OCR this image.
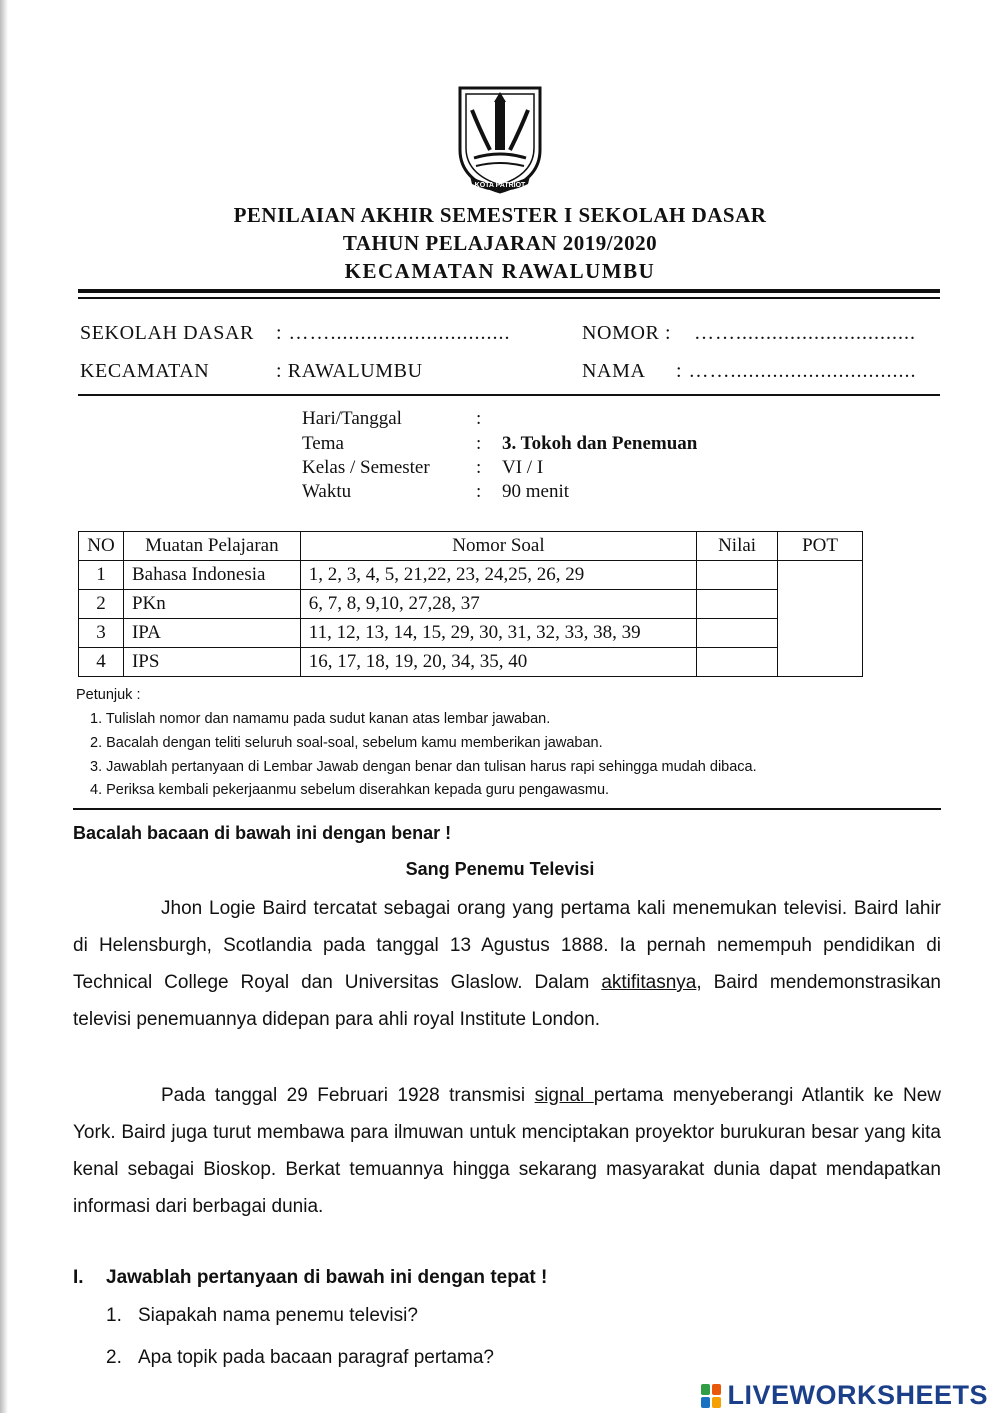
KOTA PATRIOT
PENILAIAN AKHIR SEMESTER I SEKOLAH DASAR
TAHUN PELAJARAN 2019/2020
KECAMATAN RAWALUMBU
SEKOLAH DASAR : ……..............................	NOMOR : ……..............................
KECAMATAN	: RAWALUMBU	NAMA : ……...............................
Hari/Tanggal	:
Tema	: 3. Tokoh dan Penemuan
Kelas / Semester : VI / I
Waktu	: 90 menit
NO	Muatan Pelajaran	Nomor Soal	Nilai	POT
1	Bahasa Indonesia	1, 2, 3, 4, 5, 21,22, 23, 24,25, 26, 29		
2	PKn	6, 7, 8, 9,10, 27,28, 37		
3	IPA	11, 12, 13, 14, 15, 29, 30, 31, 32, 33, 38, 39		
4	IPS	16, 17, 18, 19, 20, 34, 35, 40		
Petunjuk :
1. Tulislah nomor dan namamu pada sudut kanan atas lembar jawaban.
2. Bacalah dengan teliti seluruh soal-soal, sebelum kamu memberikan jawaban.
3. Jawablah pertanyaan di Lembar Jawab dengan benar dan tulisan harus rapi sehingga mudah dibaca.
4. Periksa kembali pekerjaanmu sebelum diserahkan kepada guru pengawasmu.
Bacalah bacaan di bawah ini dengan benar !
Sang Penemu Televisi
Jhon Logie Baird tercatat sebagai orang yang pertama kali menemukan televisi. Baird lahir di Helensburgh, Scotlandia pada tanggal 13 Agustus 1888. Ia pernah nemempuh pendidikan di Technical College Royal dan Universitas Glaslow. Dalam aktifitasnya, Baird mendemonstrasikan televisi penemuannya didepan para ahli royal Institute London.
Pada tanggal 29 Februari 1928 transmisi signal pertama menyeberangi Atlantik ke New York. Baird juga turut membawa para ilmuwan untuk menciptakan proyektor burukuran besar yang kita kenal sebagai Bioskop. Berkat temuannya hingga sekarang masyarakat dunia dapat mendapatkan informasi dari berbagai dunia.
I. Jawablah pertanyaan di bawah ini dengan tepat !
1. Siapakah nama penemu televisi?
2. Apa topik pada bacaan paragraf pertama?
LIVEWORKSHEETS
